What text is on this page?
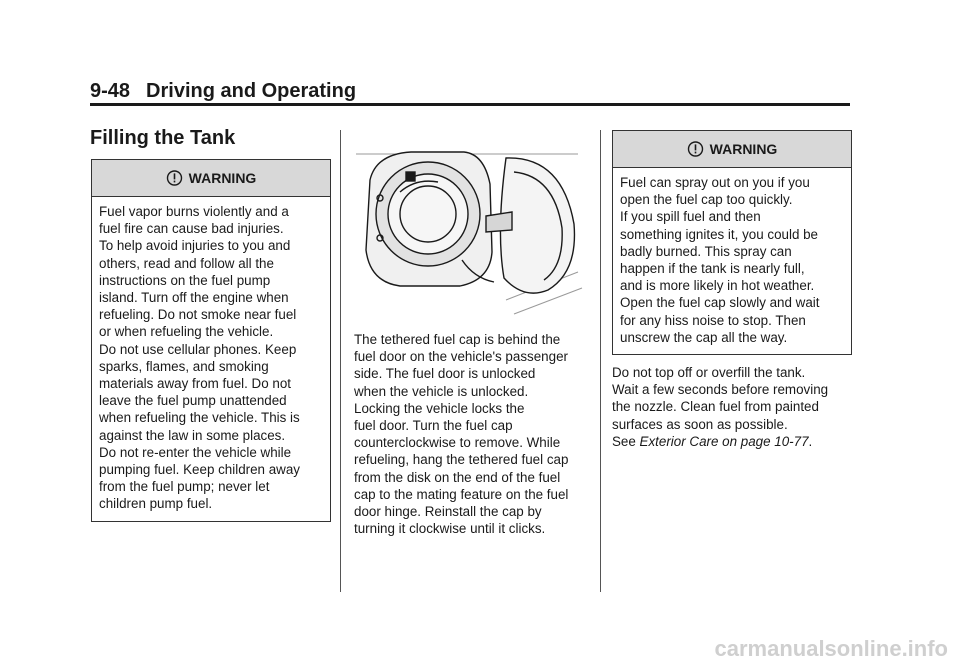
9-48 Driving and Operating
Filling the Tank
WARNING

Fuel vapor burns violently and a

fuel fire can cause bad injuries.

To help avoid injuries to you and

others, read and follow all the

instructions on the fuel pump

island. Turn off the engine when

refueling. Do not smoke near fuel

or when refueling the vehicle.

Do not use cellular phones. Keep

sparks, flames, and smoking

materials away from fuel. Do not

leave the fuel pump unattended

when refueling the vehicle. This is

against the law in some places.

Do not re-enter the vehicle while

pumping fuel. Keep children away

from the fuel pump; never let

children pump fuel.

The tethered fuel cap is behind the

fuel door on the vehicle's passenger

side. The fuel door is unlocked

when the vehicle is unlocked.

Locking the vehicle locks the

fuel door. Turn the fuel cap

counterclockwise to remove. While

refueling, hang the tethered fuel cap

from the disk on the end of the fuel

cap to the mating feature on the fuel

door hinge. Reinstall the cap by

turning it clockwise until it clicks.

WARNING

Fuel can spray out on you if you

open the fuel cap too quickly.

If you spill fuel and then

something ignites it, you could be

badly burned. This spray can

happen if the tank is nearly full,

and is more likely in hot weather.

Open the fuel cap slowly and wait

for any hiss noise to stop. Then

unscrew the cap all the way.

Do not top off or overfill the tank.

Wait a few seconds before removing

the nozzle. Clean fuel from painted

surfaces as soon as possible.

See Exterior Care on page 10-77.

carmanualsonline.info
